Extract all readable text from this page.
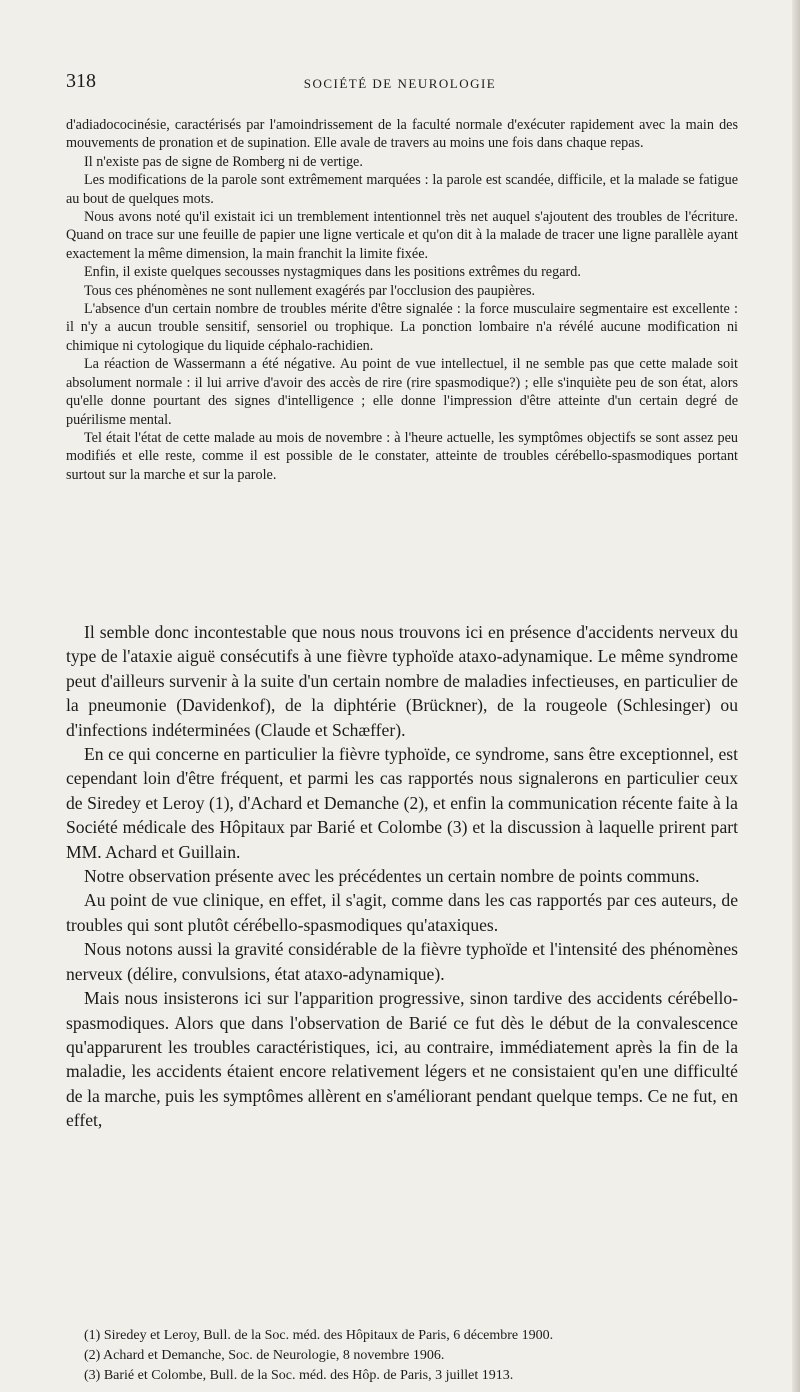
318	SOCIÉTÉ DE NEUROLOGIE

d'adiadococinésie, caractérisés par l'amoindrissement de la faculté normale d'exécuter rapidement avec la main des mouvements de pronation et de supination. Elle avale de travers au moins une fois dans chaque repas.

Il n'existe pas de signe de Romberg ni de vertige.

Les modifications de la parole sont extrêmement marquées : la parole est scandée, difficile, et la malade se fatigue au bout de quelques mots.

Nous avons noté qu'il existait ici un tremblement intentionnel très net auquel s'ajoutent des troubles de l'écriture. Quand on trace sur une feuille de papier une ligne verticale et qu'on dit à la malade de tracer une ligne parallèle ayant exactement la même dimension, la main franchit la limite fixée.

Enfin, il existe quelques secousses nystagmiques dans les positions extrêmes du regard.

Tous ces phénomènes ne sont nullement exagérés par l'occlusion des paupières.

L'absence d'un certain nombre de troubles mérite d'être signalée : la force musculaire segmentaire est excellente : il n'y a aucun trouble sensitif, sensoriel ou trophique. La ponction lombaire n'a révélé aucune modification ni chimique ni cytologique du liquide céphalo-rachidien.

La réaction de Wassermann a été négative. Au point de vue intellectuel, il ne semble pas que cette malade soit absolument normale : il lui arrive d'avoir des accès de rire (rire spasmodique?) ; elle s'inquiète peu de son état, alors qu'elle donne pourtant des signes d'intelligence ; elle donne l'impression d'être atteinte d'un certain degré de puérilisme mental.

Tel était l'état de cette malade au mois de novembre : à l'heure actuelle, les symptômes objectifs se sont assez peu modifiés et elle reste, comme il est possible de le constater, atteinte de troubles cérébello-spasmodiques portant surtout sur la marche et sur la parole.

Il semble donc incontestable que nous nous trouvons ici en présence d'accidents nerveux du type de l'ataxie aiguë consécutifs à une fièvre typhoïde ataxo-adynamique. Le même syndrome peut d'ailleurs survenir à la suite d'un certain nombre de maladies infectieuses, en particulier de la pneumonie (Davidenkof), de la diphtérie (Brückner), de la rougeole (Schlesinger) ou d'infections indéterminées (Claude et Schæffer).

En ce qui concerne en particulier la fièvre typhoïde, ce syndrome, sans être exceptionnel, est cependant loin d'être fréquent, et parmi les cas rapportés nous signalerons en particulier ceux de Siredey et Leroy (1), d'Achard et Demanche (2), et enfin la communication récente faite à la Société médicale des Hôpitaux par Barié et Colombe (3) et la discussion à laquelle prirent part MM. Achard et Guillain.

Notre observation présente avec les précédentes un certain nombre de points communs.

Au point de vue clinique, en effet, il s'agit, comme dans les cas rapportés par ces auteurs, de troubles qui sont plutôt cérébello-spasmodiques qu'ataxiques.

Nous notons aussi la gravité considérable de la fièvre typhoïde et l'intensité des phénomènes nerveux (délire, convulsions, état ataxo-adynamique).

Mais nous insisterons ici sur l'apparition progressive, sinon tardive des accidents cérébello-spasmodiques. Alors que dans l'observation de Barié ce fut dès le début de la convalescence qu'apparurent les troubles caractéristiques, ici, au contraire, immédiatement après la fin de la maladie, les accidents étaient encore relativement légers et ne consistaient qu'en une difficulté de la marche, puis les symptômes allèrent en s'améliorant pendant quelque temps. Ce ne fut, en effet,

(1) Siredey et Leroy, Bull. de la Soc. méd. des Hôpitaux de Paris, 6 décembre 1900.
(2) Achard et Demanche, Soc. de Neurologie, 8 novembre 1906.
(3) Barié et Colombe, Bull. de la Soc. méd. des Hôp. de Paris, 3 juillet 1913.
